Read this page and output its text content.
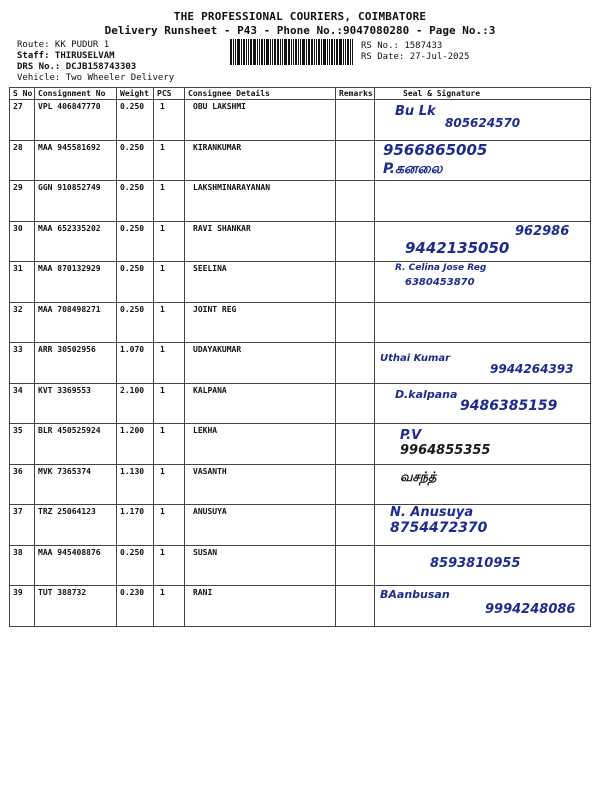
THE PROFESSIONAL COURIERS, COIMBATORE
Delivery Runsheet - P43 - Phone No.:9047080280 - Page No.:3
Route: KK PUDUR 1
Staff: THIRUSELVAM
DRS No.: DCJB158743303
Vehicle: Two Wheeler Delivery
RS No.: 1587433
RS Date: 27-Jul-2025
S No	Consignment No	Weight	PCS	Consignee Details	Remarks	Seal & Signature
27	VPL 406847770	0.250	1	OBU LAKSHMI		Bu Lk
805624570

28	MAA 945581692	0.250	1	KIRANKUMAR		9566865005
P.கனலை

29	GGN 910852749	0.250	1	LAKSHMINARAYANAN		

30	MAA 652335202	0.250	1	RAVI SHANKAR		962986
9442135050

31	MAA 870132929	0.250	1	SEELINA		R. Celina Jose Reg
6380453870

32	MAA 708498271	0.250	1	JOINT REG		

33	ARR 30502956	1.070	1	UDAYAKUMAR		Uthai Kumar
9944264393

34	KVT 3369553	2.100	1	KALPANA		D.kalpana
9486385159

35	BLR 450525924	1.200	1	LEKHA		P.V
9964855355

36	MVK 7365374	1.130	1	VASANTH		வசந்த்

37	TRZ 25064123	1.170	1	ANUSUYA		N. Anusuya
8754472370

38	MAA 945408876	0.250	1	SUSAN		8593810955

39	TUT 388732	0.230	1	RANI		BAanbusan
9994248086
